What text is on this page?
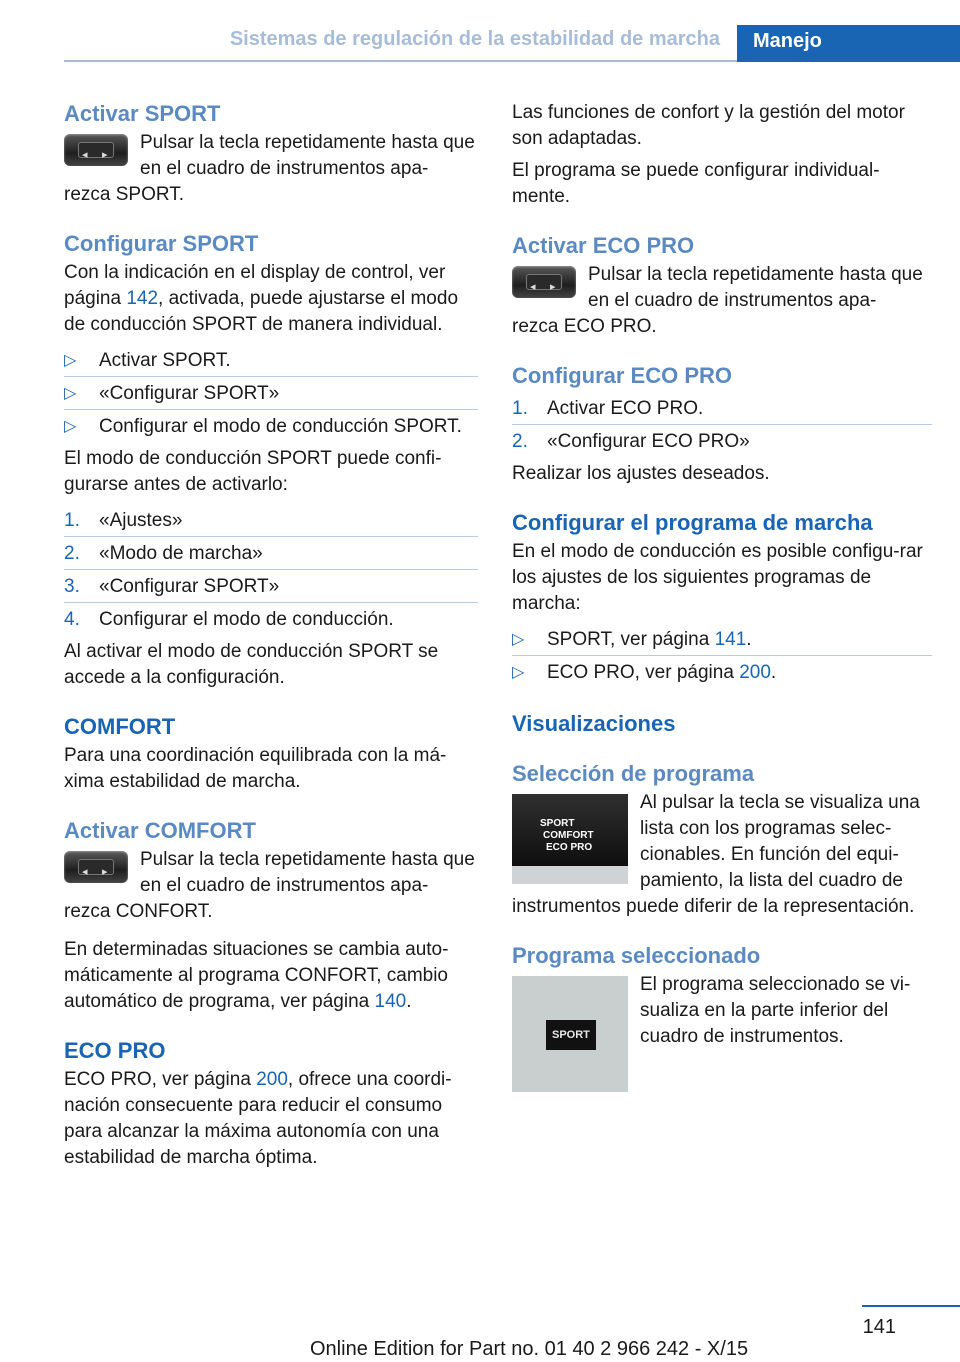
Sistemas de regulación de la estabilidad de marcha	Manejo
Activar SPORT
◂ ▸
Pulsar la tecla repetidamente hasta que en el cuadro de instrumentos apa-
rezca SPORT.
Configurar SPORT

Con la indicación en el display de control, ver página 142, activada, puede ajustarse el modo de conducción SPORT de manera individual.

▷ Activar SPORT.
▷ «Configurar SPORT»
▷ Configurar el modo de conducción SPORT.

El modo de conducción SPORT puede confi‐gurarse antes de activarlo:

1. «Ajustes»
2. «Modo de marcha»
3. «Configurar SPORT»
4. Configurar el modo de conducción.

Al activar el modo de conducción SPORT se accede a la configuración.

COMFORT

Para una coordinación equilibrada con la má‐xima estabilidad de marcha.

Activar COMFORT
◂ ▸
Pulsar la tecla repetidamente hasta que en el cuadro de instrumentos apa-
rezca CONFORT.

En determinadas situaciones se cambia auto‐máticamente al programa CONFORT, cambio automático de programa, ver página 140.

ECO PRO

ECO PRO, ver página 200, ofrece una coordi‐nación consecuente para reducir el consumo para alcanzar la máxima autonomía con una estabilidad de marcha óptima.

Las funciones de confort y la gestión del motor son adaptadas.

El programa se puede configurar individual‐mente.

Activar ECO PRO
◂ ▸
Pulsar la tecla repetidamente hasta que en el cuadro de instrumentos apa-
rezca ECO PRO.
Configurar ECO PRO
1. Activar ECO PRO.
2. «Configurar ECO PRO»

Realizar los ajustes deseados.

Configurar el programa de marcha

En el modo de conducción es posible configu‐rar los ajustes de los siguientes programas de marcha:

▷ SPORT, ver página 141.
▷ ECO PRO, ver página 200.
Visualizaciones
Selección de programa
SPORT
COMFORT
ECO PRO
Al pulsar la tecla se visualiza una lista con los programas selec‐cionables. En función del equi‐pamiento, la lista del cuadro de instrumentos puede diferir de la representación.
Programa seleccionado
SPORT
El programa seleccionado se vi‐sualiza en la parte inferior del cuadro de instrumentos.
141
Online Edition for Part no. 01 40 2 966 242 - X/15
